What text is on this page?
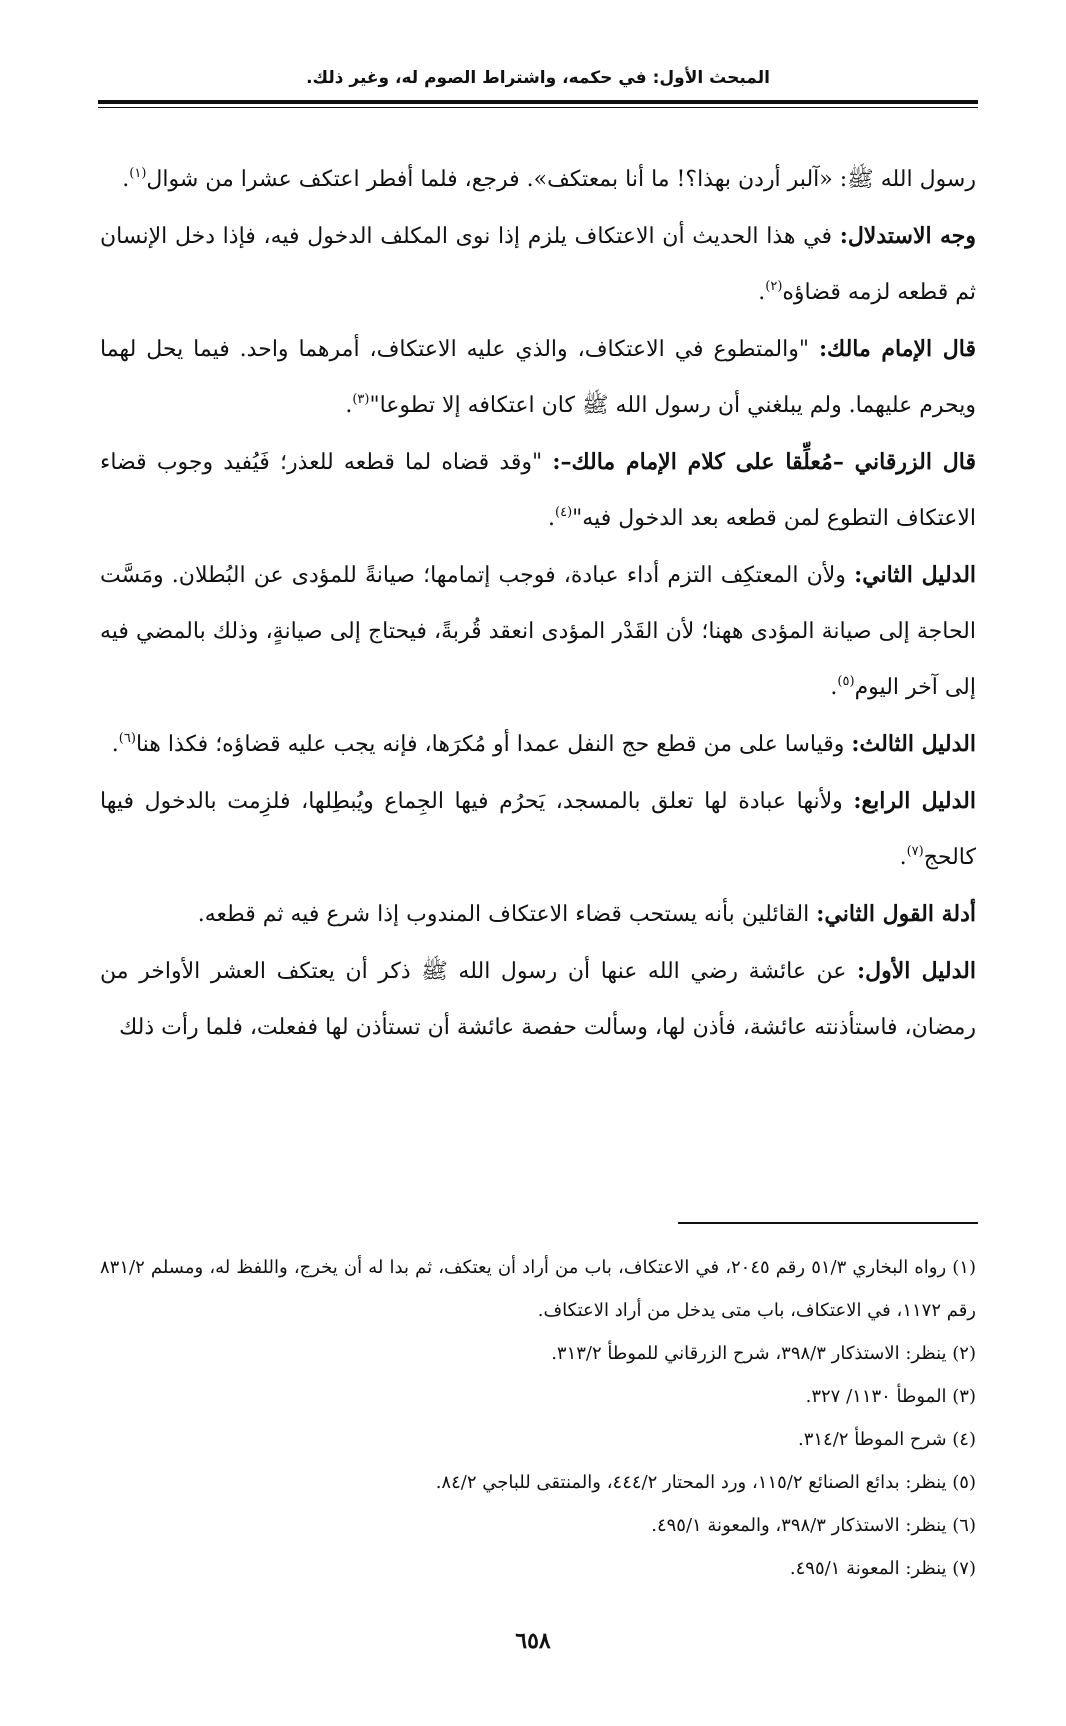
المبحث الأول: في حكمه، واشتراط الصوم له، وغير ذلك.

رسول الله ﷺ: «آلبر أردن بهذا؟! ما أنا بمعتكف». فرجع، فلما أفطر اعتكف عشرا من شوال$^{(١)}$.

وجه الاستدلال: في هذا الحديث أن الاعتكاف يلزم إذا نوى المكلف الدخول فيه، فإذا دخل الإنسان ثم قطعه لزمه قضاؤه$^{(٢)}$.

قال الإمام مالك: "والمتطوع في الاعتكاف، والذي عليه الاعتكاف، أمرهما واحد. فيما يحل لهما ويحرم عليهما. ولم يبلغني أن رسول الله ﷺ كان اعتكافه إلا تطوعا"$^{(٣)}$.

قال الزرقاني –مُعلِّقا على كلام الإمام مالك–: "وقد قضاه لما قطعه للعذر؛ فَيُفيد وجوب قضاء الاعتكاف التطوع لمن قطعه بعد الدخول فيه"$^{(٤)}$.

الدليل الثاني: ولأن المعتكِف التزم أداء عبادة، فوجب إتمامها؛ صيانةً للمؤدى عن البُطلان. ومَسَّت الحاجة إلى صيانة المؤدى ههنا؛ لأن القَدْر المؤدى انعقد قُربةً، فيحتاج إلى صيانةٍ، وذلك بالمضي فيه إلى آخر اليوم$^{(٥)}$.

الدليل الثالث: وقياسا على من قطع حج النفل عمدا أو مُكرَها، فإنه يجب عليه قضاؤه؛ فكذا هنا$^{(٦)}$.

الدليل الرابع: ولأنها عبادة لها تعلق بالمسجد، يَحرُم فيها الجِماع ويُبطِلها، فلزِمت بالدخول فيها كالحج$^{(٧)}$.

أدلة القول الثاني: القائلين بأنه يستحب قضاء الاعتكاف المندوب إذا شرع فيه ثم قطعه.

الدليل الأول: عن عائشة رضي الله عنها أن رسول الله ﷺ ذكر أن يعتكف العشر الأواخر من رمضان، فاستأذنته عائشة، فأذن لها، وسألت حفصة عائشة أن تستأذن لها ففعلت، فلما رأت ذلك

(١) رواه البخاري ٥١/٣ رقم ٢٠٤٥، في الاعتكاف، باب من أراد أن يعتكف، ثم بدا له أن يخرج، واللفظ له، ومسلم ٨٣١/٢ رقم ١١٧٢، في الاعتكاف، باب متى يدخل من أراد الاعتكاف.

(٢) ينظر: الاستذكار ٣٩٨/٣، شرح الزرقاني للموطأ ٣١٣/٢.

(٣) الموطأ ١١٣٠/ ٣٢٧.

(٤) شرح الموطأ ٣١٤/٢.

(٥) ينظر: بدائع الصنائع ١١٥/٢، ورد المحتار ٤٤٤/٢، والمنتقى للباجي ٨٤/٢.

(٦) ينظر: الاستذكار ٣٩٨/٣، والمعونة ٤٩٥/١.

(٧) ينظر: المعونة ٤٩٥/١.

٦٥٨
